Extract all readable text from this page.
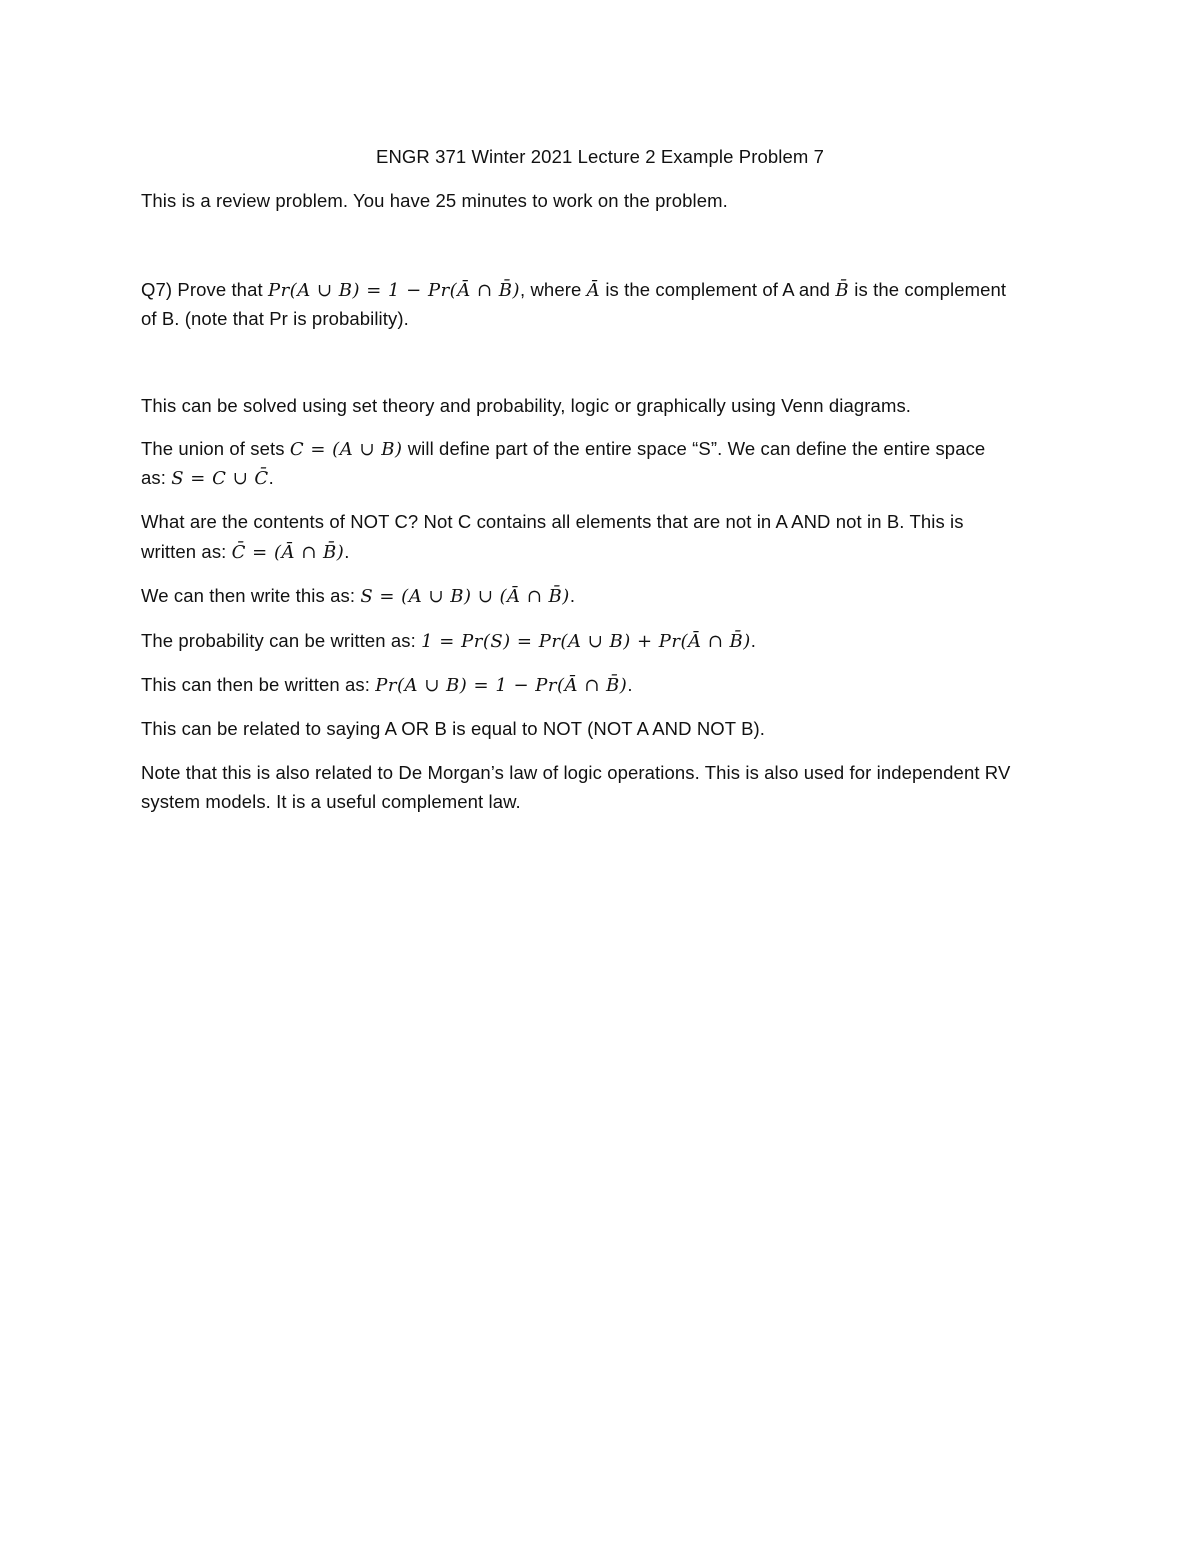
ENGR 371 Winter 2021 Lecture 2 Example Problem 7
This is a review problem. You have 25 minutes to work on the problem.
Q7) Prove that Pr(A ∪ B) = 1 − Pr(Ā ∩ B̄), where Ā is the complement of A and B̄ is the complement
of B. (note that Pr is probability).
This can be solved using set theory and probability, logic or graphically using Venn diagrams.
The union of sets C = (A ∪ B) will define part of the entire space “S”. We can define the entire space
as: S = C ∪ C̄.
What are the contents of NOT C? Not C contains all elements that are not in A AND not in B. This is
written as: C̄ = (Ā ∩ B̄).
We can then write this as: S = (A ∪ B) ∪ (Ā ∩ B̄).
The probability can be written as: 1 = Pr(S) = Pr(A ∪ B) + Pr(Ā ∩ B̄).
This can then be written as: Pr(A ∪ B) = 1 − Pr(Ā ∩ B̄).
This can be related to saying A OR B is equal to NOT (NOT A AND NOT B).
Note that this is also related to De Morgan’s law of logic operations. This is also used for independent RV
system models. It is a useful complement law.
